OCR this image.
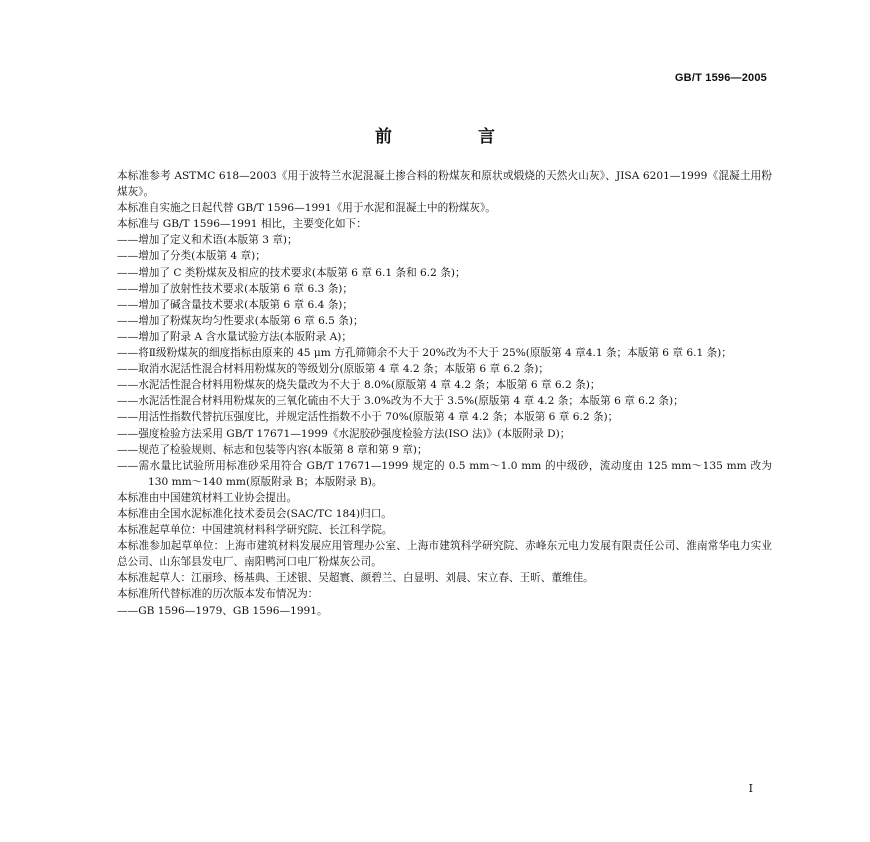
GB/T 1596—2005
前 言

本标准参考 ASTMC 618—2003《用于波特兰水泥混凝土掺合料的粉煤灰和原状或煅烧的天然火山灰》、JISA 6201—1999《混凝土用粉煤灰》。

本标准自实施之日起代替 GB/T 1596—1991《用于水泥和混凝土中的粉煤灰》。

本标准与 GB/T 1596—1991 相比，主要变化如下：

——增加了定义和术语(本版第 3 章)；

——增加了分类(本版第 4 章)；

——增加了 C 类粉煤灰及相应的技术要求(本版第 6 章 6.1 条和 6.2 条)；

——增加了放射性技术要求(本版第 6 章 6.3 条)；

——增加了碱含量技术要求(本版第 6 章 6.4 条)；

——增加了粉煤灰均匀性要求(本版第 6 章 6.5 条)；

——增加了附录 A 含水量试验方法(本版附录 A)；

——将Ⅱ级粉煤灰的细度指标由原来的 45 μm 方孔筛筛余不大于 20%改为不大于 25%(原版第 4 章4.1 条；本版第 6 章 6.1 条)；

——取消水泥活性混合材料用粉煤灰的等级划分(原版第 4 章 4.2 条；本版第 6 章 6.2 条)；

——水泥活性混合材料用粉煤灰的烧失量改为不大于 8.0%(原版第 4 章 4.2 条；本版第 6 章 6.2 条)；

——水泥活性混合材料用粉煤灰的三氧化硫由不大于 3.0%改为不大于 3.5%(原版第 4 章 4.2 条；本版第 6 章 6.2 条)；

——用活性指数代替抗压强度比，并规定活性指数不小于 70%(原版第 4 章 4.2 条；本版第 6 章 6.2 条)；

——强度检验方法采用 GB/T 17671—1999《水泥胶砂强度检验方法(ISO 法)》(本版附录 D)；

——规范了检验规则、标志和包装等内容(本版第 8 章和第 9 章)；

——需水量比试验所用标准砂采用符合 GB/T 17671—1999 规定的 0.5 mm～1.0 mm 的中级砂，流动度由 125 mm～135 mm 改为 130 mm～140 mm(原版附录 B；本版附录 B)。

本标准由中国建筑材料工业协会提出。

本标准由全国水泥标准化技术委员会(SAC/TC 184)归口。

本标准起草单位：中国建筑材料科学研究院、长江科学院。

本标准参加起草单位：上海市建筑材料发展应用管理办公室、上海市建筑科学研究院、赤峰东元电力发展有限责任公司、淮南常华电力实业总公司、山东邹县发电厂、南阳鸭河口电厂粉煤灰公司。

本标准起草人：江丽珍、杨基典、王述银、吴超寰、颜碧兰、白显明、刘晨、宋立春、王昕、董维佳。

本标准所代替标准的历次版本发布情况为：

——GB 1596—1979、GB 1596—1991。

I
